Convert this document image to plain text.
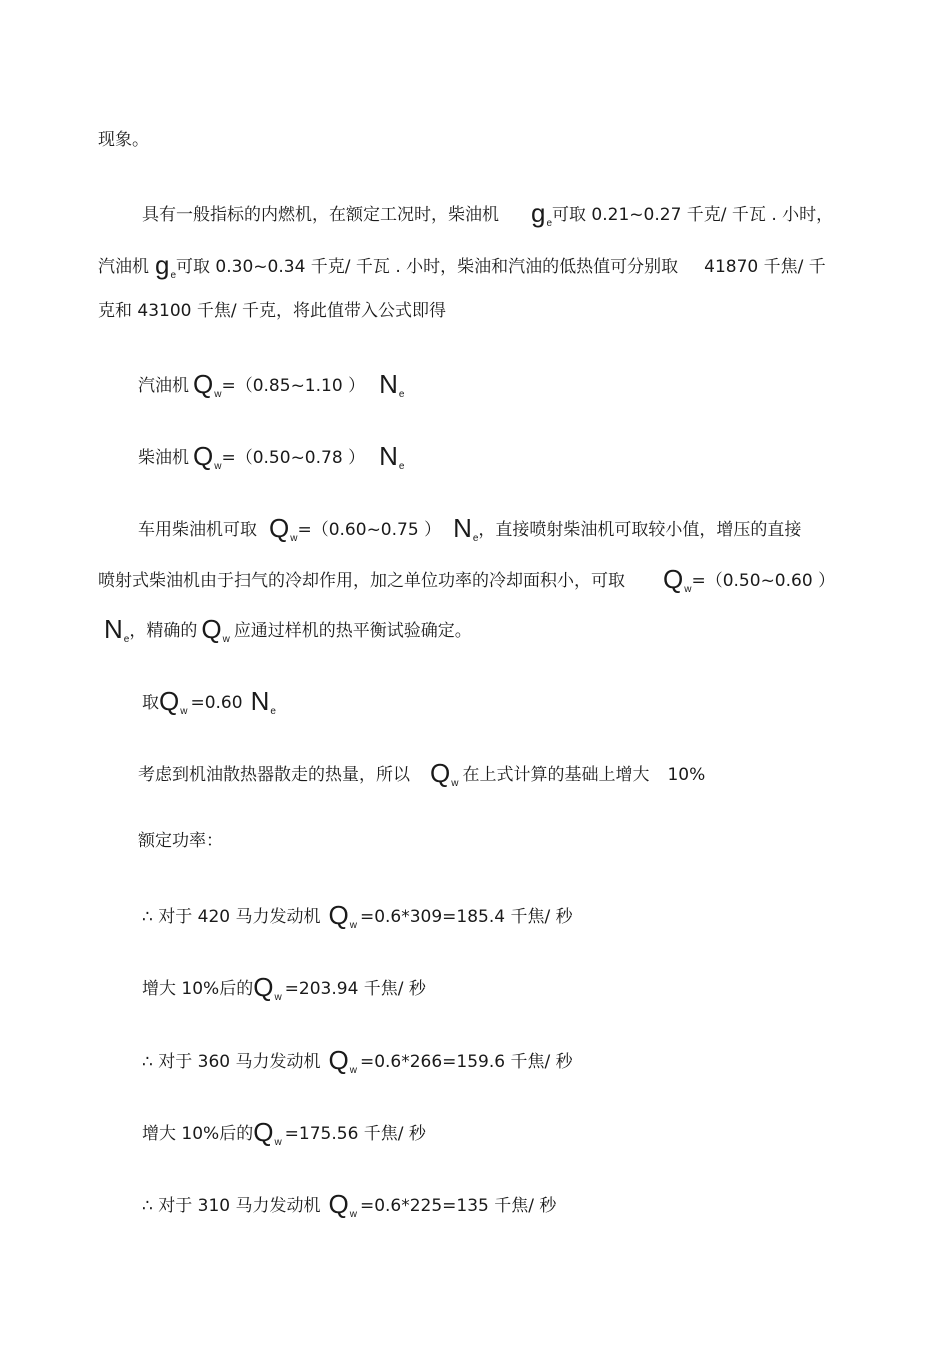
现象。
具有一般指标的内燃机，在额定工况时，柴油机 $g_e$可取 0.21~0.27 千克/ 千瓦 . 小时，
汽油机 $g_e$可取 0.30~0.34 千克/ 千瓦 . 小时，柴油和汽油的低热值可分别取 41870 千焦/ 千
克和 43100 千焦/ 千克，将此值带入公式即得
汽油机 $Q_w=(0.85\sim 1.10$ ） $N_e$
柴油机 $Q_w=(0.50\sim 0.78$ ） $N_e$
车用柴油机可取 $Q_w=(0.60\sim 0.75$ ） $N_e$，直接喷射柴油机可取较小值，增压的直接
喷射式柴油机由于扫气的冷却作用，加之单位功率的冷却面积小，可取 $Q_w=(0.50\sim 0.60$ ）
$N_e$，精确的 $Q_w$ 应通过样机的热平衡试验确定。
取$Q_w =0.60$ $N_e$
考虑到机油散热器散走的热量，所以 $Q_w$ 在上式计算的基础上增大 10%
额定功率：
∴ 对于 420 马力发动机 $Q_w =0.6*309=185.4$ 千焦/ 秒
增大 10%后的$Q_w =203.94$ 千焦/ 秒
∴ 对于 360 马力发动机 $Q_w =0.6*266=159.6$ 千焦/ 秒
增大 10%后的$Q_w =175.56$ 千焦/ 秒
∴ 对于 310 马力发动机 $Q_w =0.6*225=135$ 千焦/ 秒
